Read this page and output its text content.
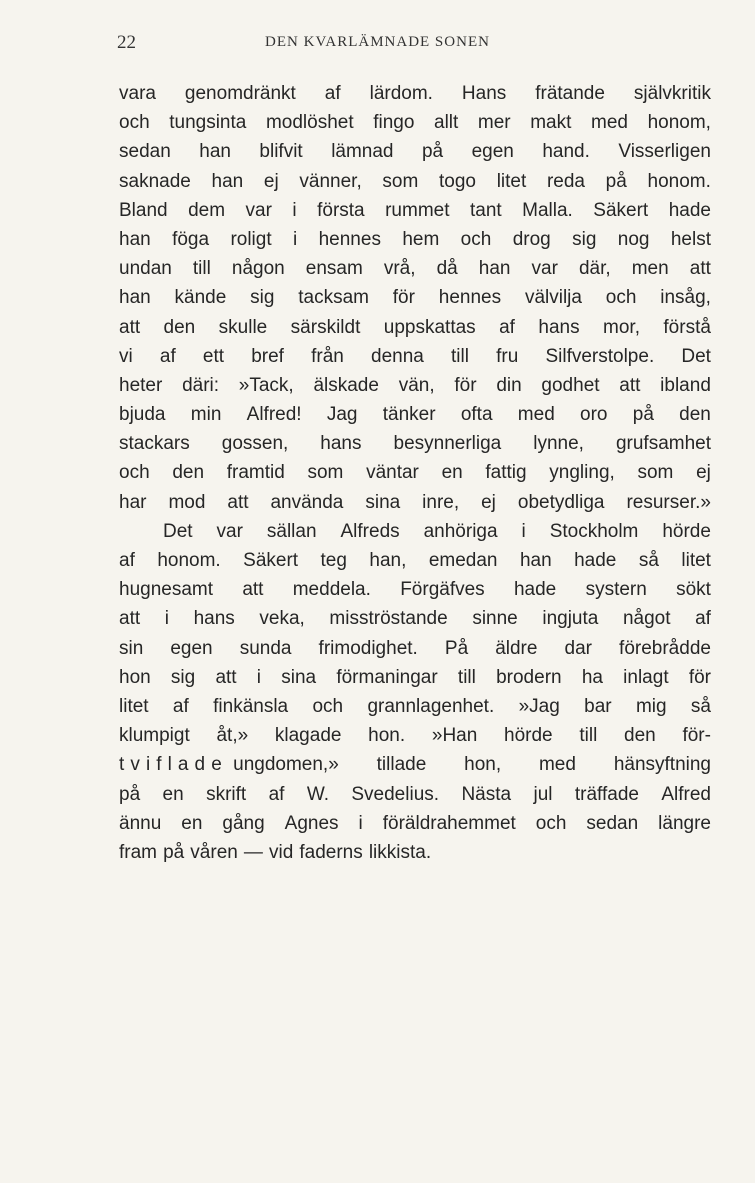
22	DEN KVARLÄMNADE SONEN
vara genomdränkt af lärdom. Hans frätande självkritik
och tungsinta modlöshet fingo allt mer makt med honom,
sedan han blifvit lämnad på egen hand. Visserligen
saknade han ej vänner, som togo litet reda på honom.
Bland dem var i första rummet tant Malla. Säkert hade
han föga roligt i hennes hem och drog sig nog helst
undan till någon ensam vrå, då han var där, men att
han kände sig tacksam för hennes välvilja och insåg,
att den skulle särskildt uppskattas af hans mor, förstå
vi af ett bref från denna till fru Silfverstolpe. Det
heter däri: »Tack, älskade vän, för din godhet att ibland
bjuda min Alfred! Jag tänker ofta med oro på den
stackars gossen, hans besynnerliga lynne, grufsamhet
och den framtid som väntar en fattig yngling, som ej
har mod att använda sina inre, ej obetydliga resurser.»
Det var sällan Alfreds anhöriga i Stockholm hörde
af honom. Säkert teg han, emedan han hade så litet
hugnesamt att meddela. Förgäfves hade systern sökt
att i hans veka, misströstande sinne ingjuta något af
sin egen sunda frimodighet. På äldre dar förebrådde
hon sig att i sina förmaningar till brodern ha inlagt för
litet af finkänsla och grannlagenhet. »Jag bar mig så
klumpigt åt,» klagade hon. »Han hörde till den för-
tviflade ungdomen,» tillade hon, med hänsyftning
på en skrift af W. Svedelius. Nästa jul träffade Alfred
ännu en gång Agnes i föräldrahemmet och sedan längre
fram på våren — vid faderns likkista.
